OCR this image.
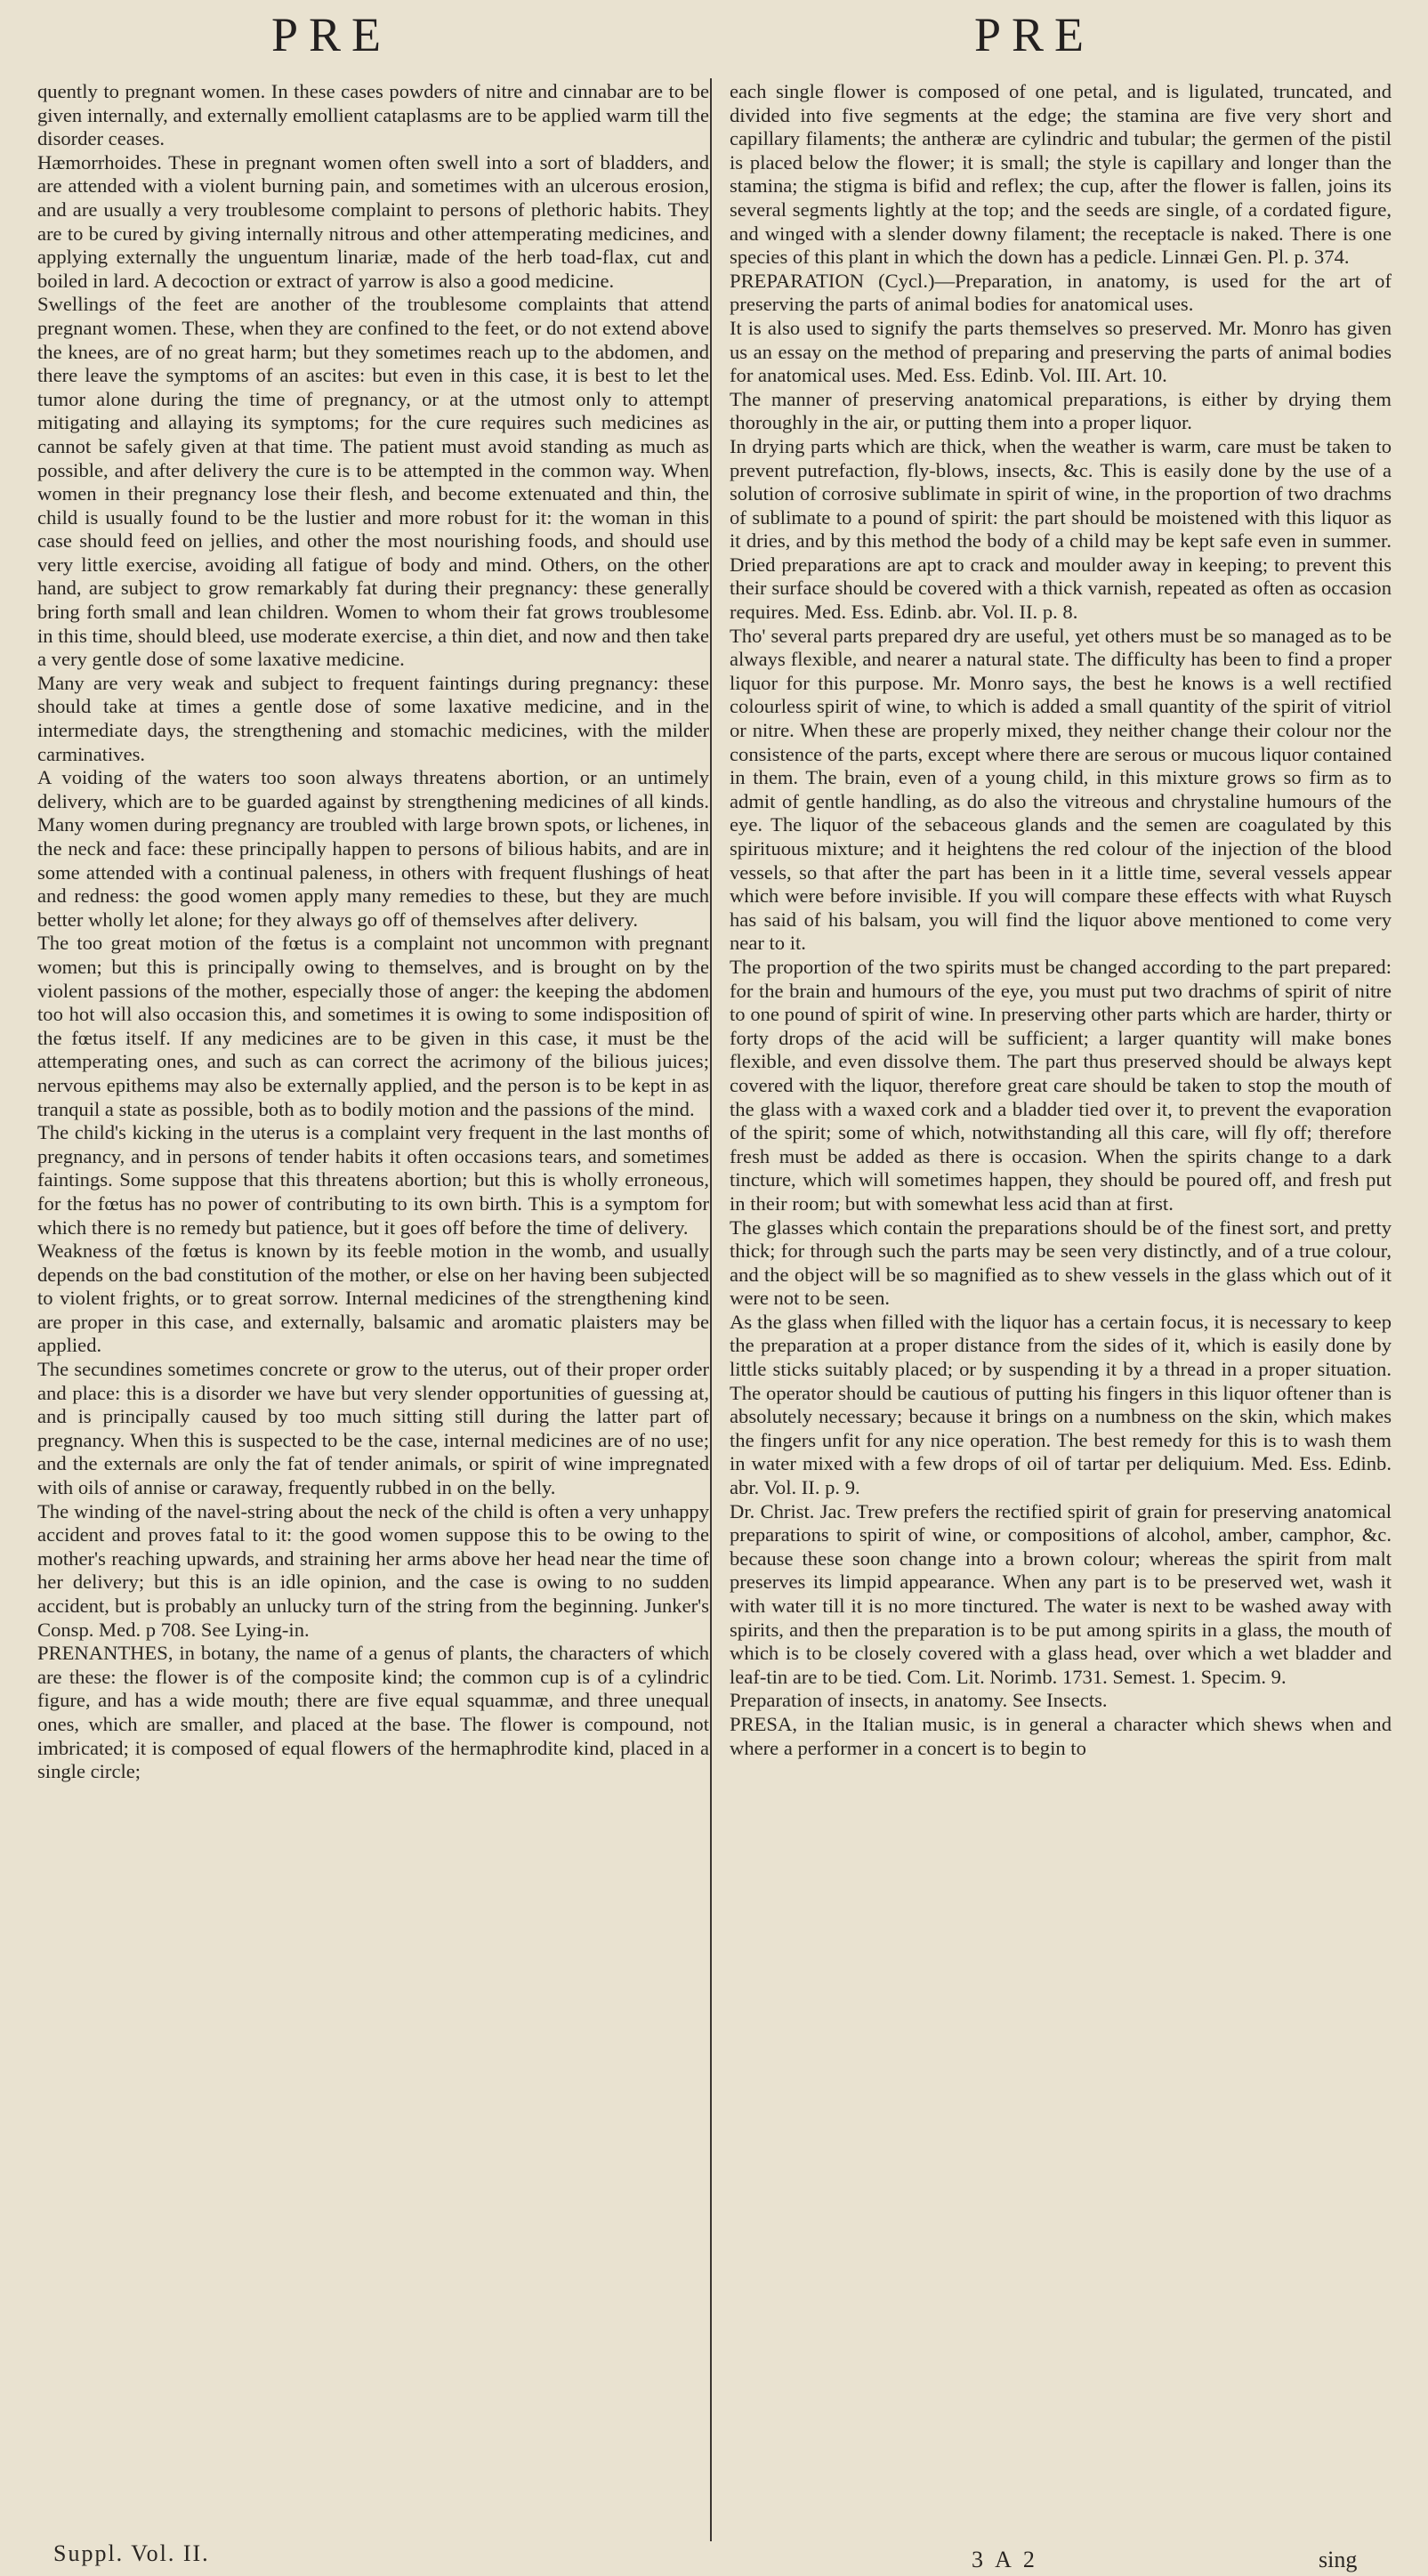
PRE	PRE

quently to pregnant women. In these cases powders of nitre and cinnabar are to be given internally, and externally emollient cataplasms are to be applied warm till the disorder ceases.

Hæmorrhoides. These in pregnant women often swell into a sort of bladders, and are attended with a violent burning pain, and sometimes with an ulcerous erosion, and are usually a very troublesome complaint to persons of plethoric habits. They are to be cured by giving internally nitrous and other attemperating medicines, and applying externally the unguentum linariæ, made of the herb toad-flax, cut and boiled in lard. A decoction or extract of yarrow is also a good medicine.

Swellings of the feet are another of the troublesome complaints that attend pregnant women. These, when they are confined to the feet, or do not extend above the knees, are of no great harm; but they sometimes reach up to the abdomen, and there leave the symptoms of an ascites: but even in this case, it is best to let the tumor alone during the time of pregnancy, or at the utmost only to attempt mitigating and allaying its symptoms; for the cure requires such medicines as cannot be safely given at that time. The patient must avoid standing as much as possible, and after delivery the cure is to be attempted in the common way. When women in their pregnancy lose their flesh, and become extenuated and thin, the child is usually found to be the lustier and more robust for it: the woman in this case should feed on jellies, and other the most nourishing foods, and should use very little exercise, avoiding all fatigue of body and mind. Others, on the other hand, are subject to grow remarkably fat during their pregnancy: these generally bring forth small and lean children. Women to whom their fat grows troublesome in this time, should bleed, use moderate exercise, a thin diet, and now and then take a very gentle dose of some laxative medicine.

Many are very weak and subject to frequent faintings during pregnancy: these should take at times a gentle dose of some laxative medicine, and in the intermediate days, the strengthening and stomachic medicines, with the milder carminatives.

A voiding of the waters too soon always threatens abortion, or an untimely delivery, which are to be guarded against by strengthening medicines of all kinds. Many women during pregnancy are troubled with large brown spots, or lichenes, in the neck and face: these principally happen to persons of bilious habits, and are in some attended with a continual paleness, in others with frequent flushings of heat and redness: the good women apply many remedies to these, but they are much better wholly let alone; for they always go off of themselves after delivery.

The too great motion of the fœtus is a complaint not uncommon with pregnant women; but this is principally owing to themselves, and is brought on by the violent passions of the mother, especially those of anger: the keeping the abdomen too hot will also occasion this, and sometimes it is owing to some indisposition of the fœtus itself. If any medicines are to be given in this case, it must be the attemperating ones, and such as can correct the acrimony of the bilious juices; nervous epithems may also be externally applied, and the person is to be kept in as tranquil a state as possible, both as to bodily motion and the passions of the mind.

The child's kicking in the uterus is a complaint very frequent in the last months of pregnancy, and in persons of tender habits it often occasions tears, and sometimes faintings. Some suppose that this threatens abortion; but this is wholly erroneous, for the fœtus has no power of contributing to its own birth. This is a symptom for which there is no remedy but patience, but it goes off before the time of delivery.

Weakness of the fœtus is known by its feeble motion in the womb, and usually depends on the bad constitution of the mother, or else on her having been subjected to violent frights, or to great sorrow. Internal medicines of the strengthening kind are proper in this case, and externally, balsamic and aromatic plaisters may be applied.

The secundines sometimes concrete or grow to the uterus, out of their proper order and place: this is a disorder we have but very slender opportunities of guessing at, and is principally caused by too much sitting still during the latter part of pregnancy. When this is suspected to be the case, internal medicines are of no use; and the externals are only the fat of tender animals, or spirit of wine impregnated with oils of annise or caraway, frequently rubbed in on the belly.

The winding of the navel-string about the neck of the child is often a very unhappy accident and proves fatal to it: the good women suppose this to be owing to the mother's reaching upwards, and straining her arms above her head near the time of her delivery; but this is an idle opinion, and the case is owing to no sudden accident, but is probably an unlucky turn of the string from the beginning. Junker's Consp. Med. p 708. See Lying-in.

PRENANTHES, in botany, the name of a genus of plants, the characters of which are these: the flower is of the composite kind; the common cup is of a cylindric figure, and has a wide mouth; there are five equal squammæ, and three unequal ones, which are smaller, and placed at the base. The flower is compound, not imbricated; it is composed of equal flowers of the hermaphrodite kind, placed in a single circle;

each single flower is composed of one petal, and is ligulated, truncated, and divided into five segments at the edge; the stamina are five very short and capillary filaments; the antheræ are cylindric and tubular; the germen of the pistil is placed below the flower; it is small; the style is capillary and longer than the stamina; the stigma is bifid and reflex; the cup, after the flower is fallen, joins its several segments lightly at the top; and the seeds are single, of a cordated figure, and winged with a slender downy filament; the receptacle is naked. There is one species of this plant in which the down has a pedicle. Linnæi Gen. Pl. p. 374.

PREPARATION (Cycl.)—Preparation, in anatomy, is used for the art of preserving the parts of animal bodies for anatomical uses.

It is also used to signify the parts themselves so preserved. Mr. Monro has given us an essay on the method of preparing and preserving the parts of animal bodies for anatomical uses. Med. Ess. Edinb. Vol. III. Art. 10.

The manner of preserving anatomical preparations, is either by drying them thoroughly in the air, or putting them into a proper liquor.

In drying parts which are thick, when the weather is warm, care must be taken to prevent putrefaction, fly-blows, insects, &c. This is easily done by the use of a solution of corrosive sublimate in spirit of wine, in the proportion of two drachms of sublimate to a pound of spirit: the part should be moistened with this liquor as it dries, and by this method the body of a child may be kept safe even in summer. Dried preparations are apt to crack and moulder away in keeping; to prevent this their surface should be covered with a thick varnish, repeated as often as occasion requires. Med. Ess. Edinb. abr. Vol. II. p. 8.

Tho' several parts prepared dry are useful, yet others must be so managed as to be always flexible, and nearer a natural state. The difficulty has been to find a proper liquor for this purpose. Mr. Monro says, the best he knows is a well rectified colourless spirit of wine, to which is added a small quantity of the spirit of vitriol or nitre. When these are properly mixed, they neither change their colour nor the consistence of the parts, except where there are serous or mucous liquor contained in them. The brain, even of a young child, in this mixture grows so firm as to admit of gentle handling, as do also the vitreous and chrystaline humours of the eye. The liquor of the sebaceous glands and the semen are coagulated by this spirituous mixture; and it heightens the red colour of the injection of the blood vessels, so that after the part has been in it a little time, several vessels appear which were before invisible. If you will compare these effects with what Ruysch has said of his balsam, you will find the liquor above mentioned to come very near to it.

The proportion of the two spirits must be changed according to the part prepared: for the brain and humours of the eye, you must put two drachms of spirit of nitre to one pound of spirit of wine. In preserving other parts which are harder, thirty or forty drops of the acid will be sufficient; a larger quantity will make bones flexible, and even dissolve them. The part thus preserved should be always kept covered with the liquor, therefore great care should be taken to stop the mouth of the glass with a waxed cork and a bladder tied over it, to prevent the evaporation of the spirit; some of which, notwithstanding all this care, will fly off; therefore fresh must be added as there is occasion. When the spirits change to a dark tincture, which will sometimes happen, they should be poured off, and fresh put in their room; but with somewhat less acid than at first.

The glasses which contain the preparations should be of the finest sort, and pretty thick; for through such the parts may be seen very distinctly, and of a true colour, and the object will be so magnified as to shew vessels in the glass which out of it were not to be seen.

As the glass when filled with the liquor has a certain focus, it is necessary to keep the preparation at a proper distance from the sides of it, which is easily done by little sticks suitably placed; or by suspending it by a thread in a proper situation. The operator should be cautious of putting his fingers in this liquor oftener than is absolutely necessary; because it brings on a numbness on the skin, which makes the fingers unfit for any nice operation. The best remedy for this is to wash them in water mixed with a few drops of oil of tartar per deliquium. Med. Ess. Edinb. abr. Vol. II. p. 9.

Dr. Christ. Jac. Trew prefers the rectified spirit of grain for preserving anatomical preparations to spirit of wine, or compositions of alcohol, amber, camphor, &c. because these soon change into a brown colour; whereas the spirit from malt preserves its limpid appearance. When any part is to be preserved wet, wash it with water till it is no more tinctured. The water is next to be washed away with spirits, and then the preparation is to be put among spirits in a glass, the mouth of which is to be closely covered with a glass head, over which a wet bladder and leaf-tin are to be tied. Com. Lit. Norimb. 1731. Semest. 1. Specim. 9.

Preparation of insects, in anatomy. See Insects.

PRESA, in the Italian music, is in general a character which shews when and where a performer in a concert is to begin to

Suppl. Vol. II.	3 A 2	sing
